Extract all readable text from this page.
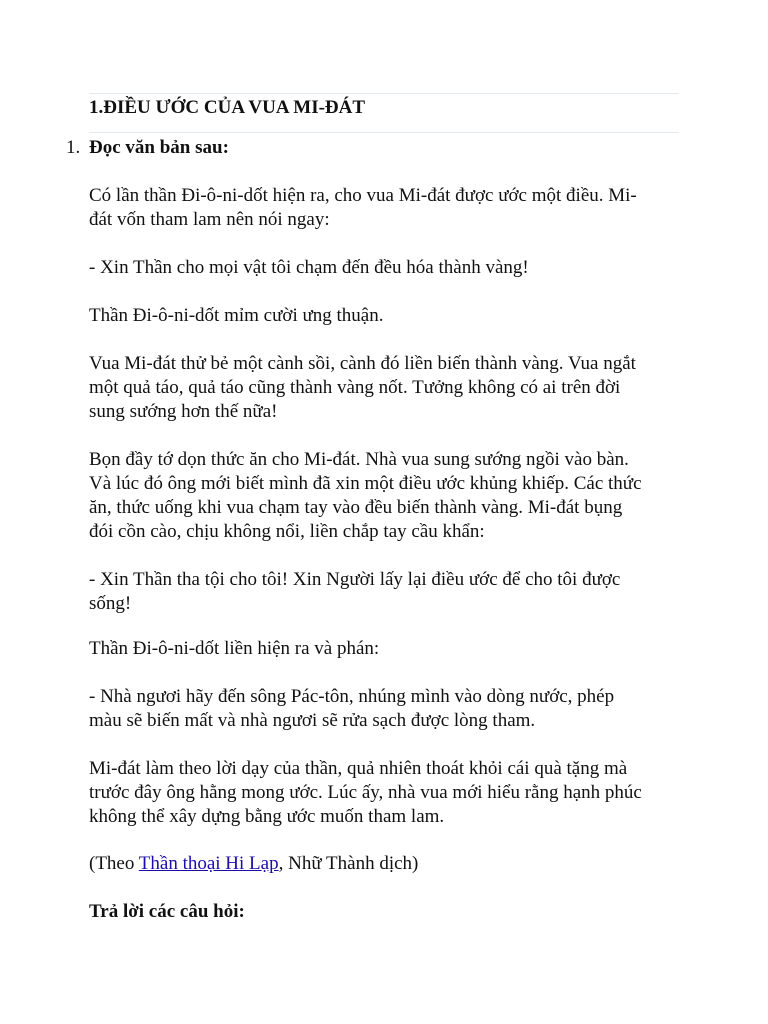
1.ĐIỀU ƯỚC CỦA VUA MI-ĐÁT
1. Đọc văn bản sau:

Có lần thần Đi-ô-ni-dốt hiện ra, cho vua Mi-đát được ước một điều. Mi-
đát vốn tham lam nên nói ngay:

- Xin Thần cho mọi vật tôi chạm đến đều hóa thành vàng!

Thần Đi-ô-ni-dốt mỉm cười ưng thuận.

Vua Mi-đát thử bẻ một cành sồi, cành đó liền biến thành vàng. Vua ngắt
một quả táo, quả táo cũng thành vàng nốt. Tưởng không có ai trên đời
sung sướng hơn thế nữa!

Bọn đầy tớ dọn thức ăn cho Mi-đát. Nhà vua sung sướng ngồi vào bàn.
Và lúc đó ông mới biết mình đã xin một điều ước khủng khiếp. Các thức
ăn, thức uống khi vua chạm tay vào đều biến thành vàng. Mi-đát bụng
đói cồn cào, chịu không nổi, liền chắp tay cầu khẩn:

- Xin Thần tha tội cho tôi! Xin Người lấy lại điều ước để cho tôi được
sống!

Thần Đi-ô-ni-dốt liền hiện ra và phán:

- Nhà ngươi hãy đến sông Pác-tôn, nhúng mình vào dòng nước, phép
màu sẽ biến mất và nhà ngươi sẽ rửa sạch được lòng tham.

Mi-đát làm theo lời dạy của thần, quả nhiên thoát khỏi cái quà tặng mà
trước đây ông hằng mong ước. Lúc ấy, nhà vua mới hiểu rằng hạnh phúc
không thể xây dựng bằng ước muốn tham lam.

(Theo Thần thoại Hi Lạp, Nhữ Thành dịch)

Trả lời các câu hỏi:
